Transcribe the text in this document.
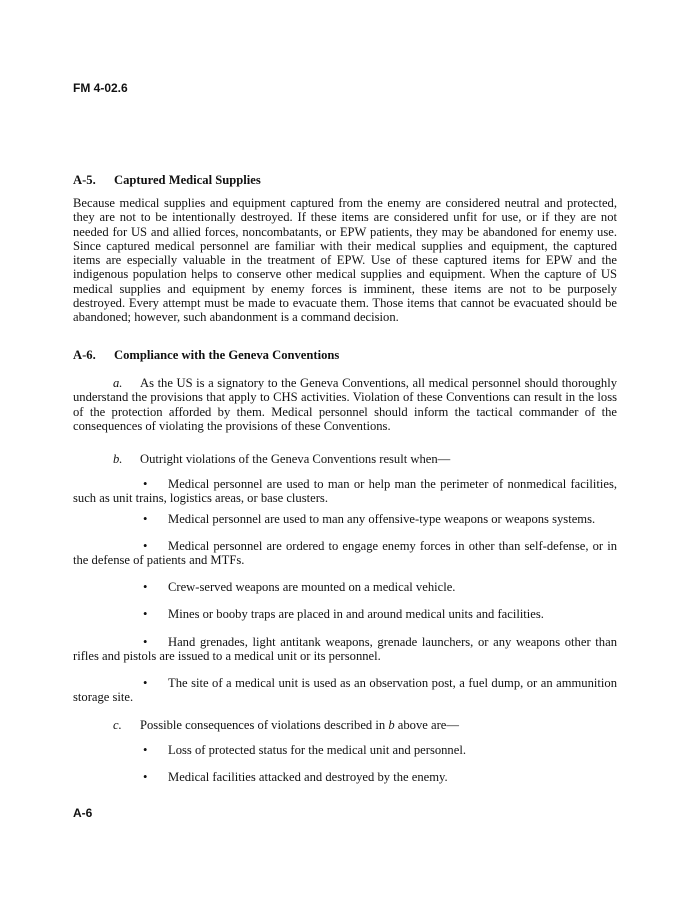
FM 4-02.6
A-5. Captured Medical Supplies

Because medical supplies and equipment captured from the enemy are considered neutral and protected, they are not to be intentionally destroyed. If these items are considered unfit for use, or if they are not needed for US and allied forces, noncombatants, or EPW patients, they may be abandoned for enemy use. Since captured medical personnel are familiar with their medical supplies and equipment, the captured items are especially valuable in the treatment of EPW. Use of these captured items for EPW and the indigenous population helps to conserve other medical supplies and equipment. When the capture of US medical supplies and equipment by enemy forces is imminent, these items are not to be purposely destroyed. Every attempt must be made to evacuate them. Those items that cannot be evacuated should be abandoned; however, such abandonment is a command decision.

A-6. Compliance with the Geneva Conventions

a. As the US is a signatory to the Geneva Conventions, all medical personnel should thoroughly understand the provisions that apply to CHS activities. Violation of these Conventions can result in the loss of the protection afforded by them. Medical personnel should inform the tactical commander of the consequences of violating the provisions of these Conventions.

b. Outright violations of the Geneva Conventions result when—

• Medical personnel are used to man or help man the perimeter of nonmedical facilities, such as unit trains, logistics areas, or base clusters.

• Medical personnel are used to man any offensive-type weapons or weapons systems.

• Medical personnel are ordered to engage enemy forces in other than self-defense, or in the defense of patients and MTFs.

• Crew-served weapons are mounted on a medical vehicle.

• Mines or booby traps are placed in and around medical units and facilities.

• Hand grenades, light antitank weapons, grenade launchers, or any weapons other than rifles and pistols are issued to a medical unit or its personnel.

• The site of a medical unit is used as an observation post, a fuel dump, or an ammunition storage site.

c. Possible consequences of violations described in b above are—

• Loss of protected status for the medical unit and personnel.

• Medical facilities attacked and destroyed by the enemy.

A-6
